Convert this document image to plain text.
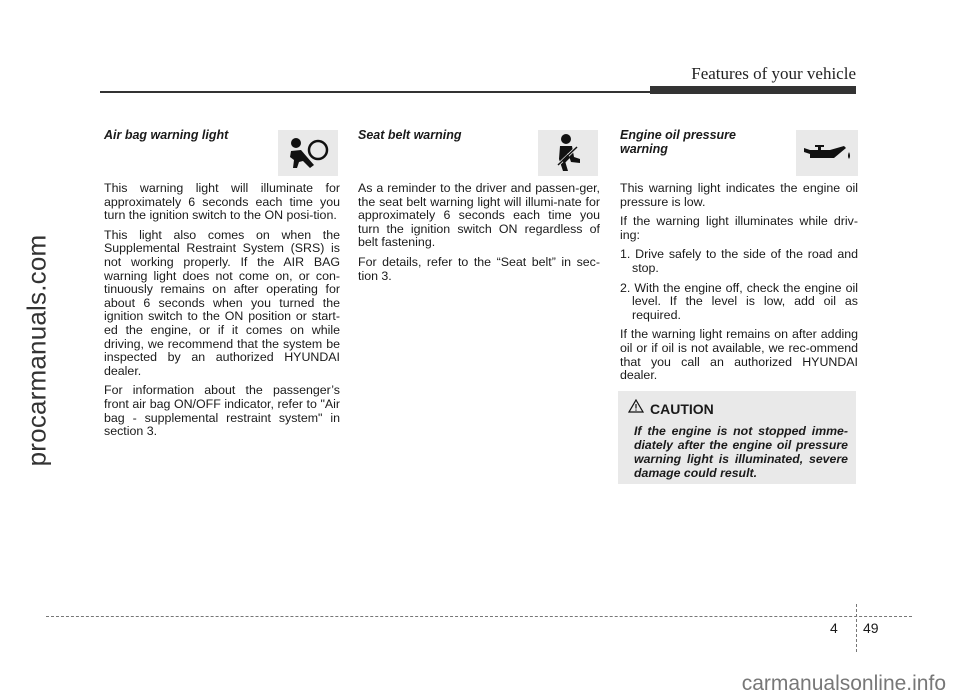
Features of your vehicle
procarmanuals.com
Air bag warning light

This warning light will illuminate for approximately 6 seconds each time you turn the ignition switch to the ON posi-tion.

This light also comes on when the Supplemental Restraint System (SRS) is not working properly. If the AIR BAG warning light does not come on, or con-tinuously remains on after operating for about 6 seconds when you turned the ignition switch to the ON position or start-ed the engine, or if it comes on while driving, we recommend that the system be inspected by an authorized HYUNDAI dealer.

For information about the passenger’s front air bag ON/OFF indicator, refer to "Air bag - supplemental restraint system" in section 3.

Seat belt warning

As a reminder to the driver and passen-ger, the seat belt warning light will illumi-nate for approximately 6 seconds each time you turn the ignition switch ON regardless of belt fastening.

For details, refer to the “Seat belt” in sec-tion 3.

Engine oil pressure warning

This warning light indicates the engine oil pressure is low.

If the warning light illuminates while driv-ing:

1. Drive safely to the side of the road and stop.
2. With the engine off, check the engine oil level. If the level is low, add oil as required.

If the warning light remains on after adding oil or if oil is not available, we rec-ommend that you call an authorized HYUNDAI dealer.

CAUTION

If the engine is not stopped imme-diately after the engine oil pressure warning light is illuminated, severe damage could result.

4 49
carmanualsonline.info
